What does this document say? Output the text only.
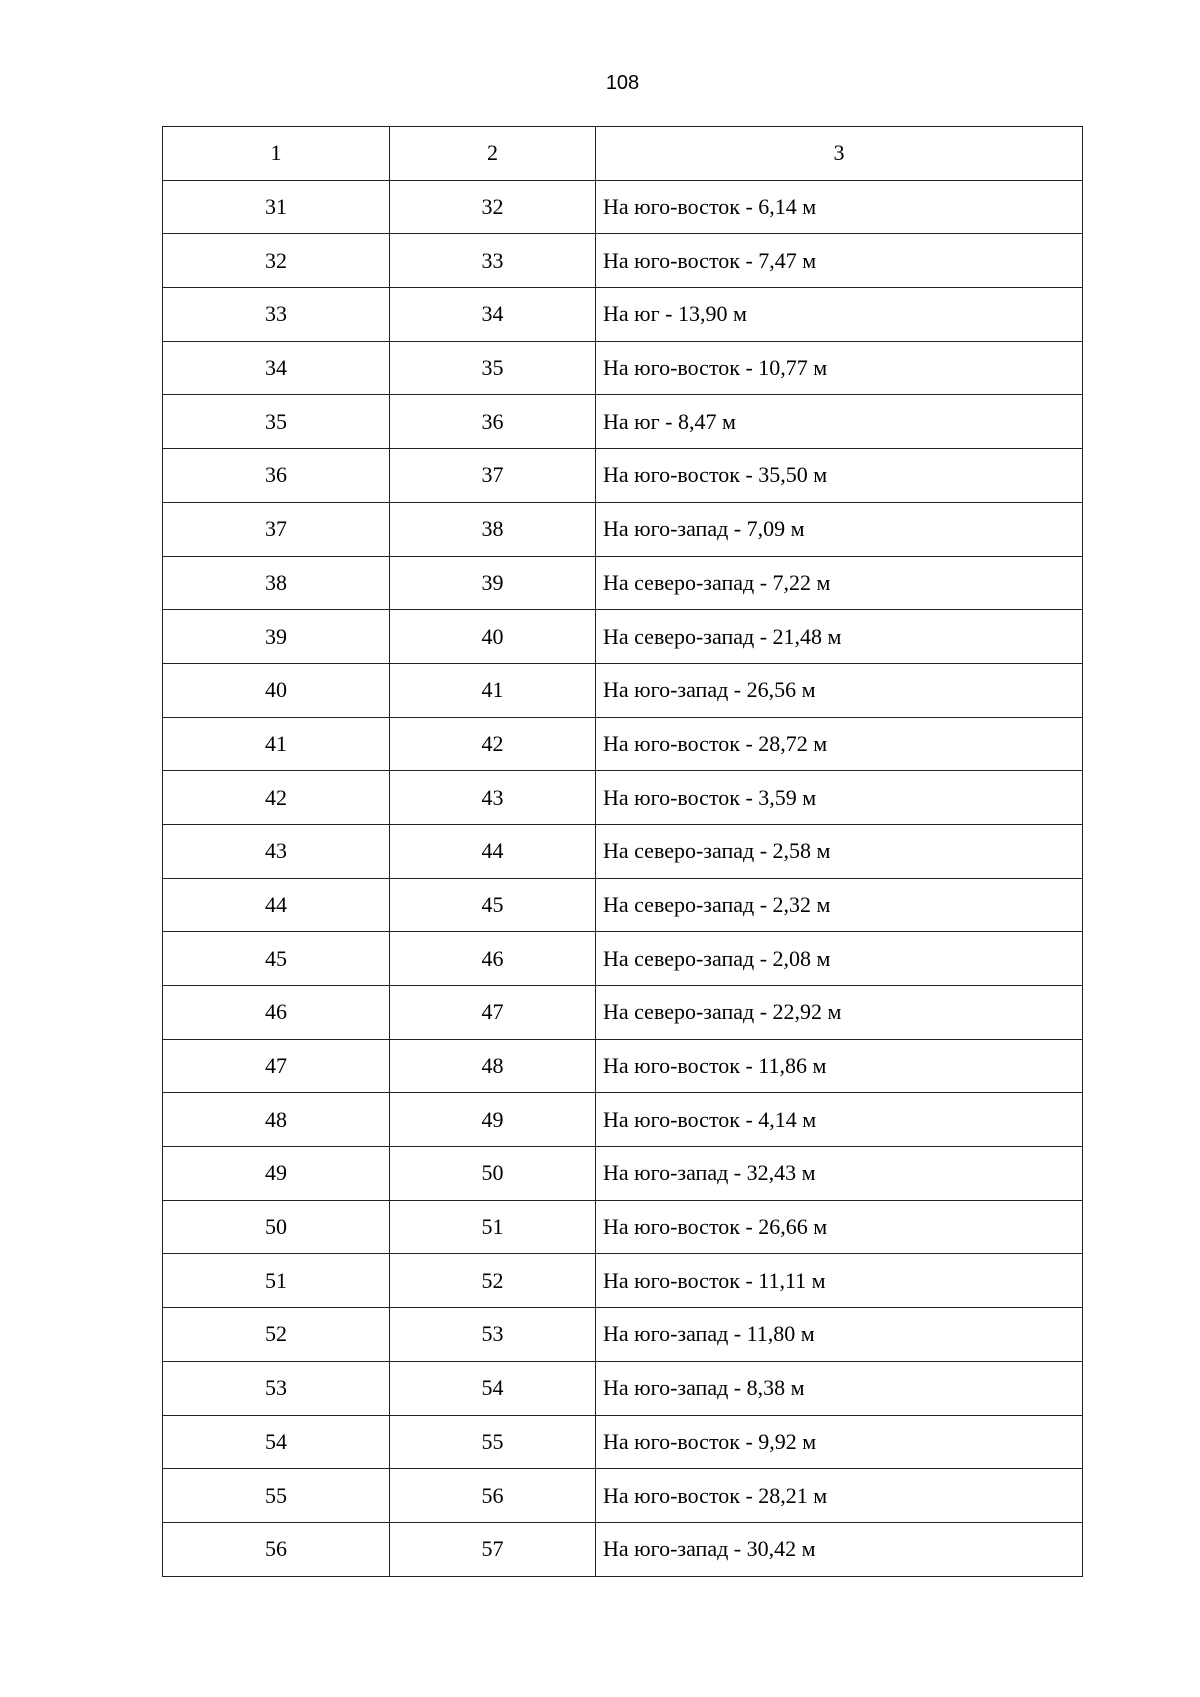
108
1	2	3
31	32	На юго-восток - 6,14 м
32	33	На юго-восток - 7,47 м
33	34	На юг - 13,90 м
34	35	На юго-восток - 10,77 м
35	36	На юг - 8,47 м
36	37	На юго-восток - 35,50 м
37	38	На юго-запад - 7,09 м
38	39	На северо-запад - 7,22 м
39	40	На северо-запад - 21,48 м
40	41	На юго-запад - 26,56 м
41	42	На юго-восток - 28,72 м
42	43	На юго-восток - 3,59 м
43	44	На северо-запад - 2,58 м
44	45	На северо-запад - 2,32 м
45	46	На северо-запад - 2,08 м
46	47	На северо-запад - 22,92 м
47	48	На юго-восток - 11,86 м
48	49	На юго-восток - 4,14 м
49	50	На юго-запад - 32,43 м
50	51	На юго-восток - 26,66 м
51	52	На юго-восток - 11,11 м
52	53	На юго-запад - 11,80 м
53	54	На юго-запад - 8,38 м
54	55	На юго-восток - 9,92 м
55	56	На юго-восток - 28,21 м
56	57	На юго-запад - 30,42 м
